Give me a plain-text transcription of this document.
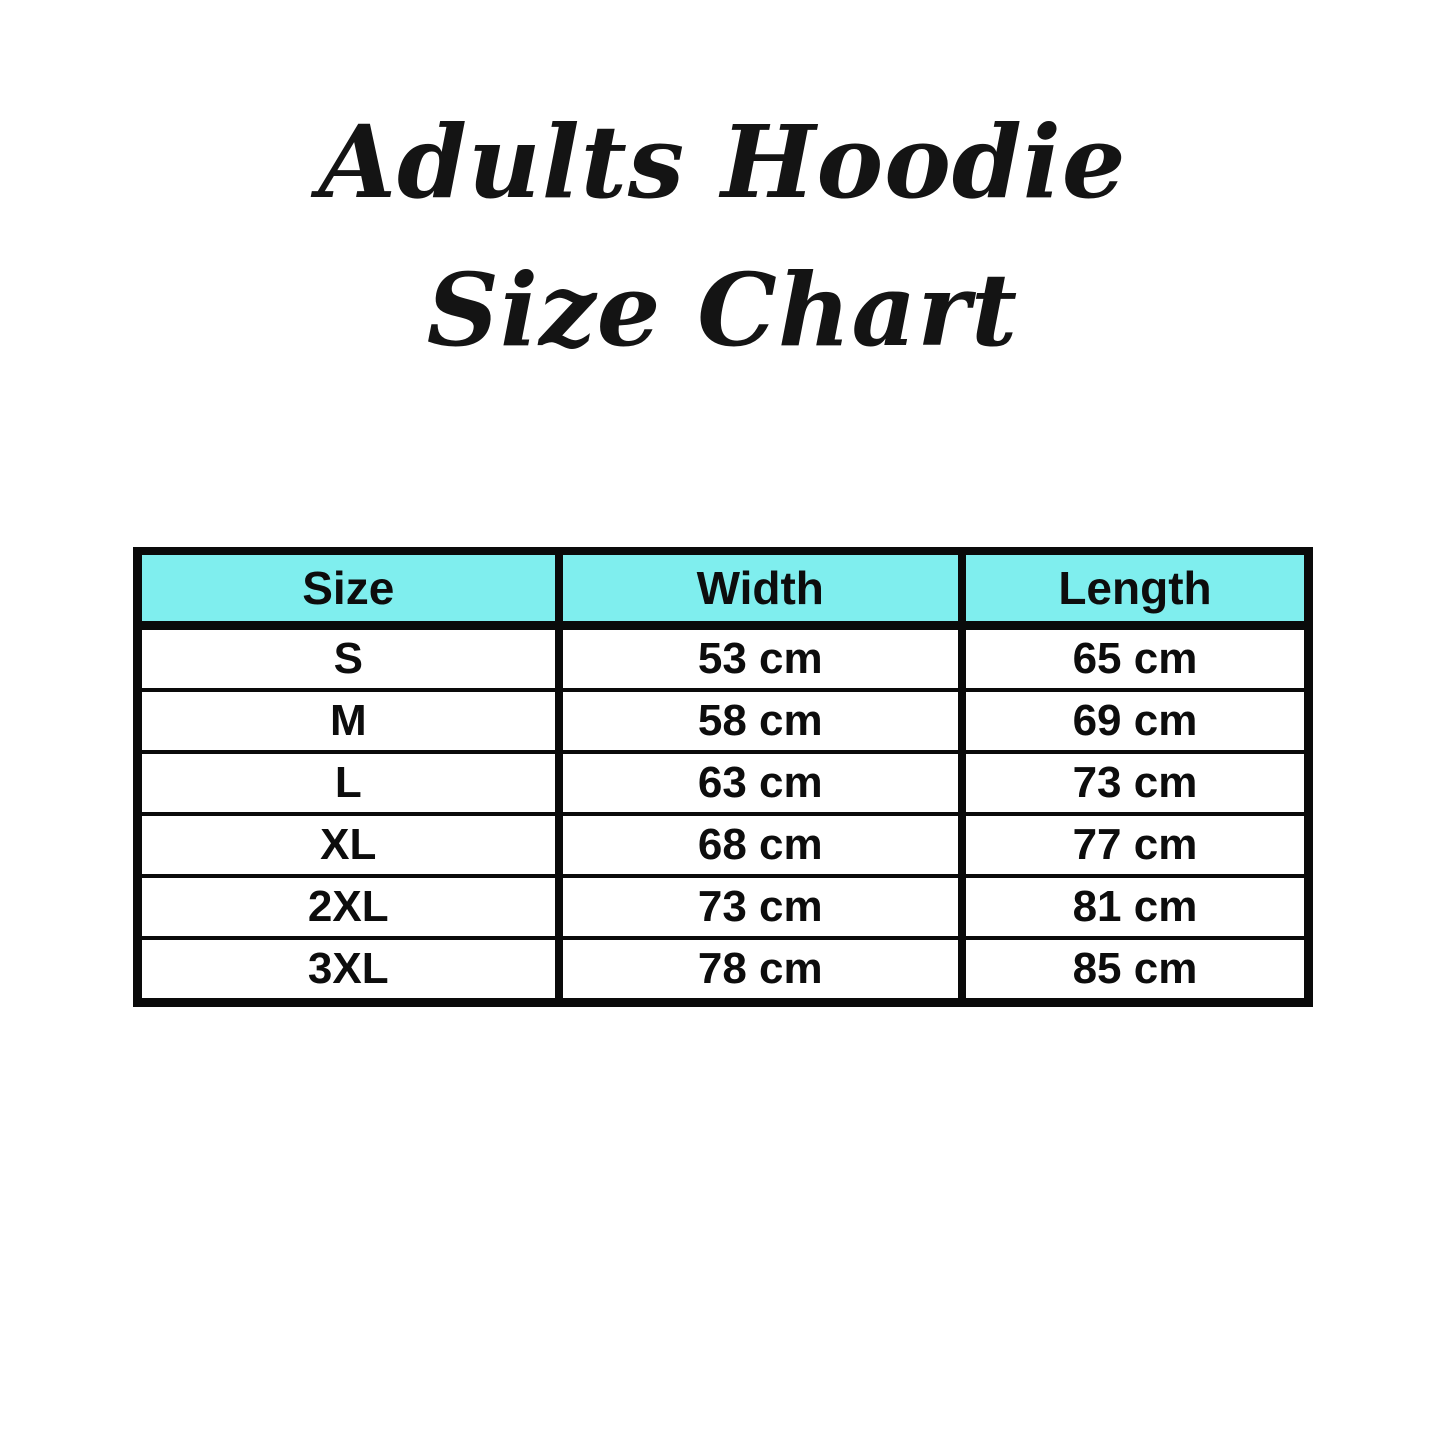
Adults Hoodie
Size Chart
Size	Width	Length
S	53 cm	65 cm
M	58 cm	69 cm
L	63 cm	73 cm
XL	68 cm	77 cm
2XL	73 cm	81 cm
3XL	78 cm	85 cm
